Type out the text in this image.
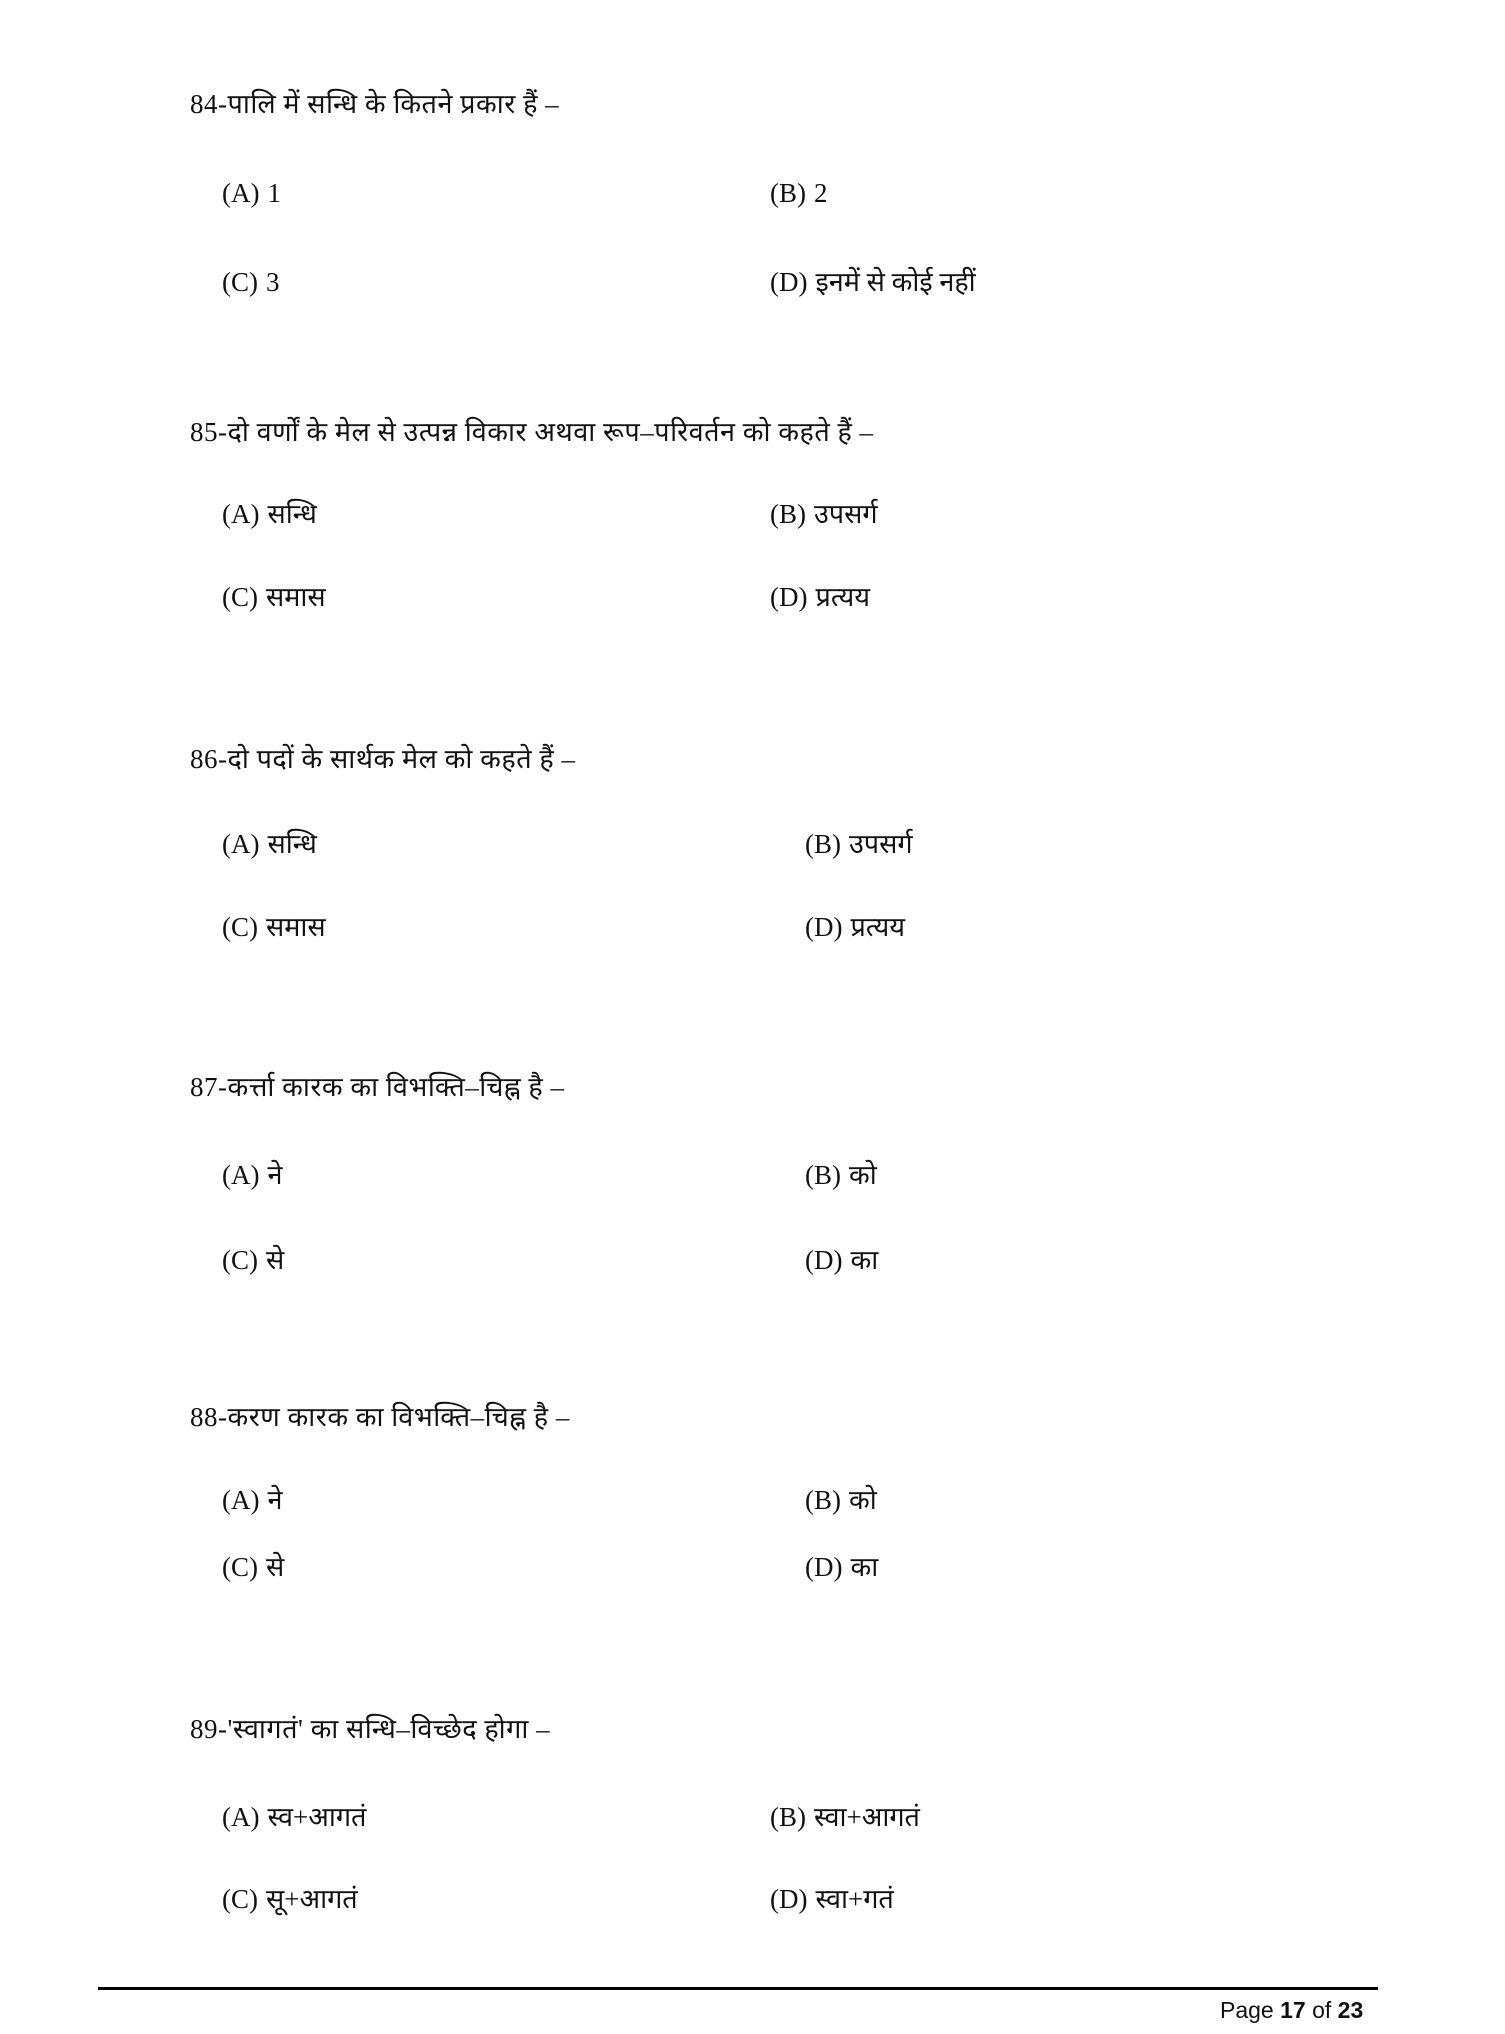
84-पालि में सन्धि के कितने प्रकार हैं –
(A) 1	(B) 2
(C) 3	(D) इनमें से कोई नहीं
85-दो वर्णों के मेल से उत्पन्न विकार अथवा रूप–परिवर्तन को कहते हैं –
(A) सन्धि	(B) उपसर्ग
(C) समास	(D) प्रत्यय
86-दो पदों के सार्थक मेल को कहते हैं –
(A) सन्धि	(B) उपसर्ग
(C) समास	(D) प्रत्यय
87-कर्त्ता कारक का विभक्ति–चिह्न है –
(A) ने	(B) को
(C) से	(D) का
88-करण कारक का विभक्ति–चिह्न है –
(A) ने	(B) को
(C) से	(D) का
89-'स्वागतं' का सन्धि–विच्छेद होगा –
(A) स्व+आगतं	(B) स्वा+आगतं
(C) सू+आगतं	(D) स्वा+गतं
Page 17 of 23
